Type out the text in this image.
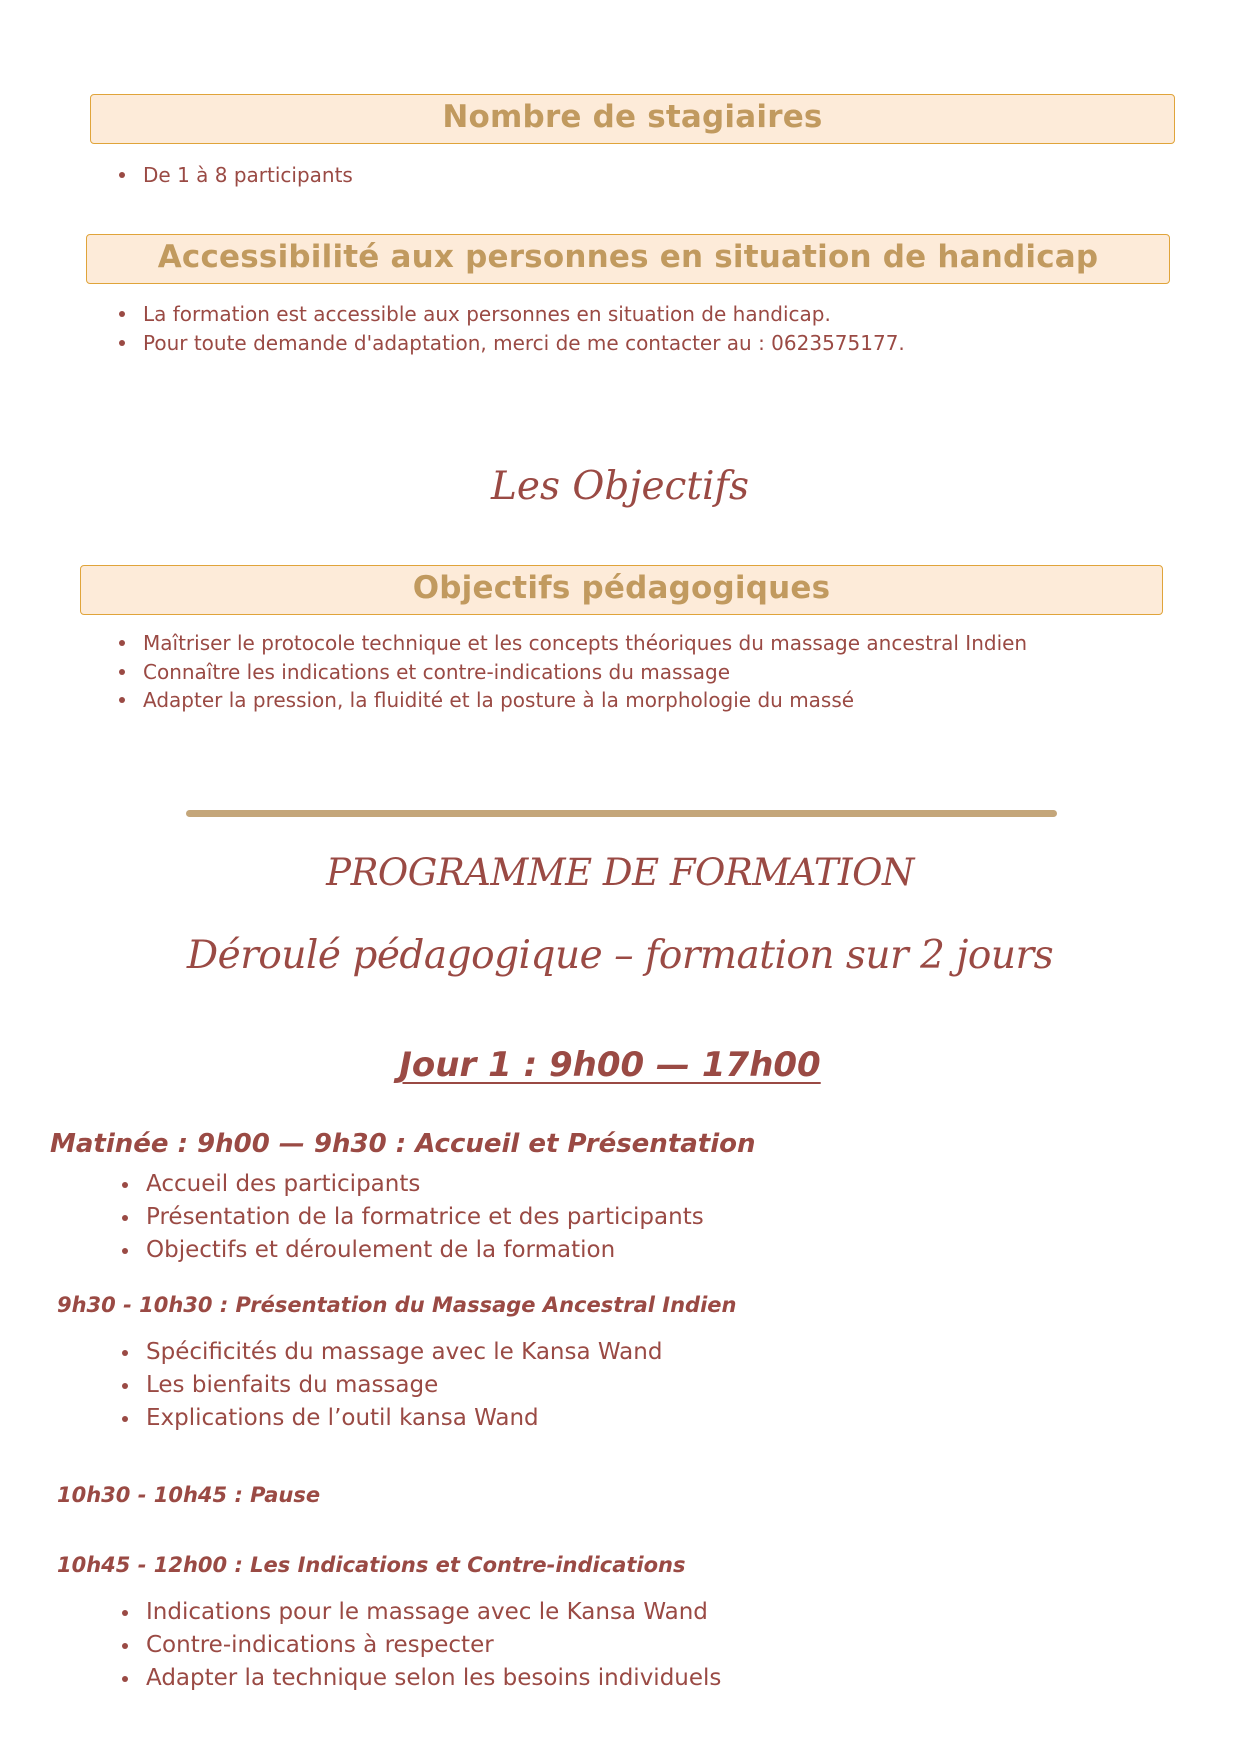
Nombre de stagiaires
De 1 à 8 participants
Accessibilité aux personnes en situation de handicap
La formation est accessible aux personnes en situation de handicap.
Pour toute demande d'adaptation, merci de me contacter au : 0623575177.
Les Objectifs
Objectifs pédagogiques
Maîtriser le protocole technique et les concepts théoriques du massage ancestral Indien
Connaître les indications et contre-indications du massage
Adapter la pression, la fluidité et la posture à la morphologie du massé
PROGRAMME DE FORMATION
Déroulé pédagogique – formation sur 2 jours
Jour 1 : 9h00 — 17h00
Matinée : 9h00 — 9h30 : Accueil et Présentation
Accueil des participants
Présentation de la formatrice et des participants
Objectifs et déroulement de la formation
9h30 - 10h30 : Présentation du Massage Ancestral Indien
Spécificités du massage avec le Kansa Wand
Les bienfaits du massage
Explications de l’outil kansa Wand
10h30 - 10h45 : Pause
10h45 - 12h00 : Les Indications et Contre-indications
Indications pour le massage avec le Kansa Wand
Contre-indications à respecter
Adapter la technique selon les besoins individuels
